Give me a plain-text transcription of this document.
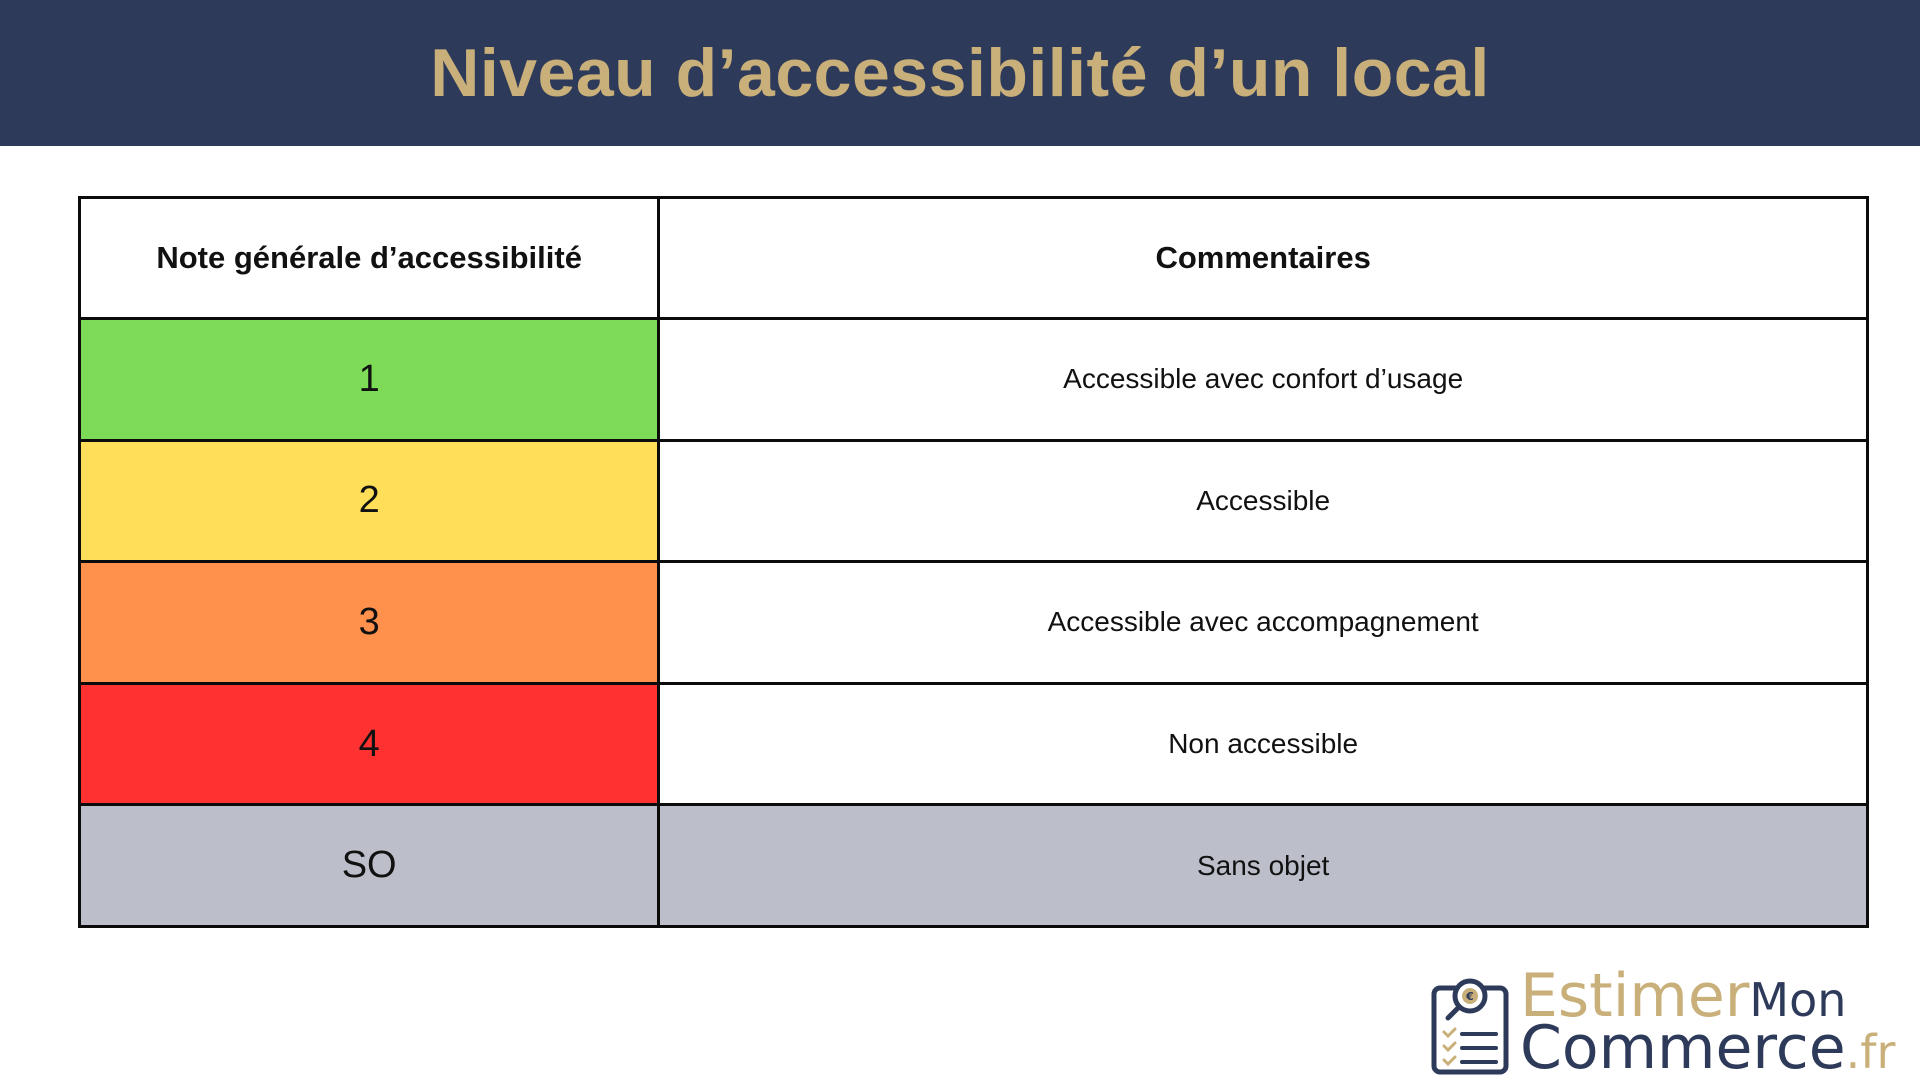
Niveau d’accessibilité d’un local
Note générale d’accessibilité	Commentaires
1	Accessible avec confort d’usage
2	Accessible
3	Accessible avec accompagnement
4	Non accessible
SO	Sans objet
€ EstimerMon
Commerce.fr
